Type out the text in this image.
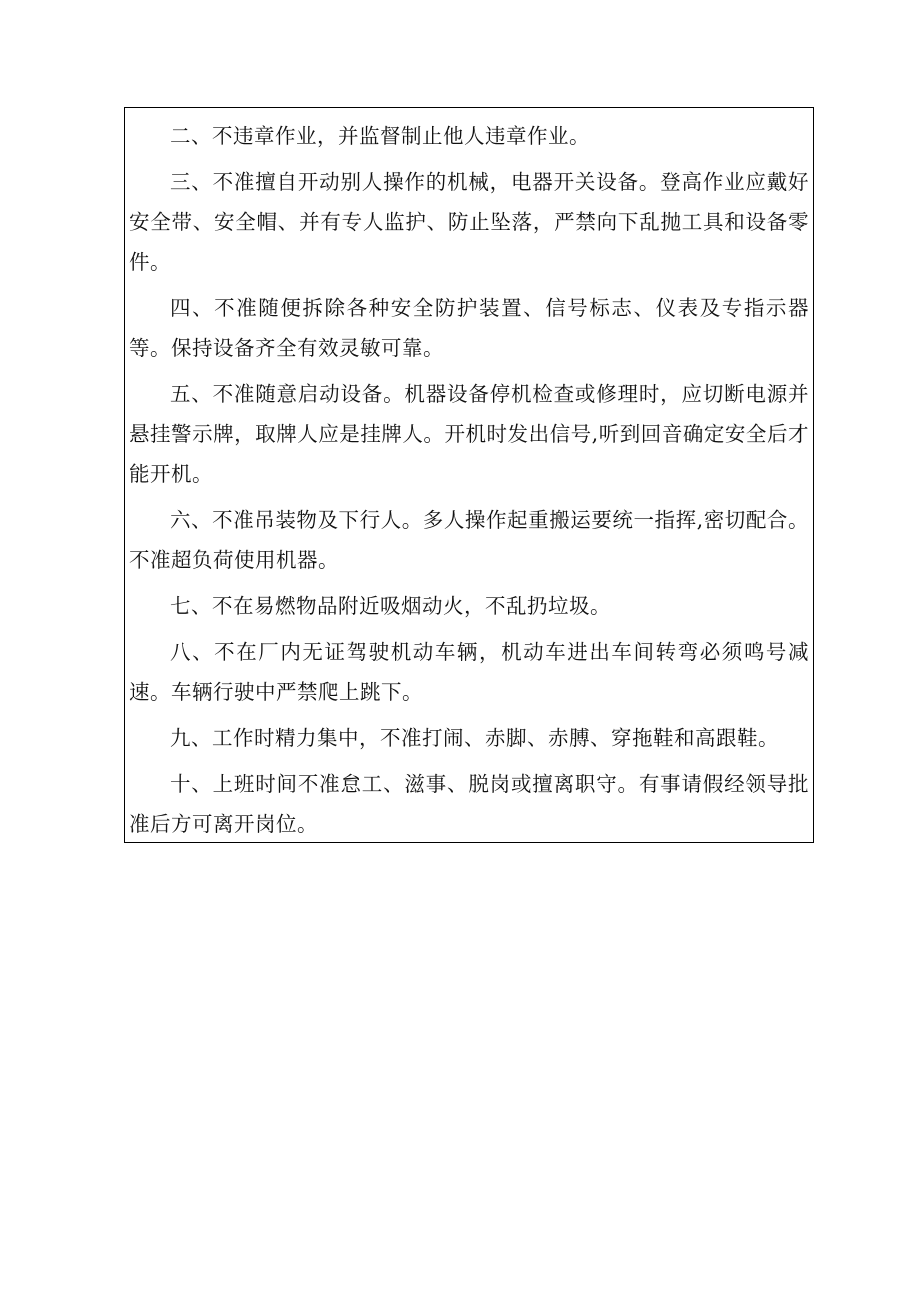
二、不违章作业，并监督制止他人违章作业。

三、不准擅自开动别人操作的机械，电器开关设备。登高作业应戴好安全带、安全帽、并有专人监护、防止坠落，严禁向下乱抛工具和设备零件。

四、不准随便拆除各种安全防护装置、信号标志、仪表及专指示器等。保持设备齐全有效灵敏可靠。

五、不准随意启动设备。机器设备停机检查或修理时，应切断电源并悬挂警示牌，取牌人应是挂牌人。开机时发出信号,听到回音确定安全后才能开机。

六、不准吊装物及下行人。多人操作起重搬运要统一指挥,密切配合。不准超负荷使用机器。

七、不在易燃物品附近吸烟动火，不乱扔垃圾。

八、不在厂内无证驾驶机动车辆，机动车进出车间转弯必须鸣号减速。车辆行驶中严禁爬上跳下。

九、工作时精力集中，不准打闹、赤脚、赤膊、穿拖鞋和高跟鞋。

十、上班时间不准怠工、滋事、脱岗或擅离职守。有事请假经领导批准后方可离开岗位。
